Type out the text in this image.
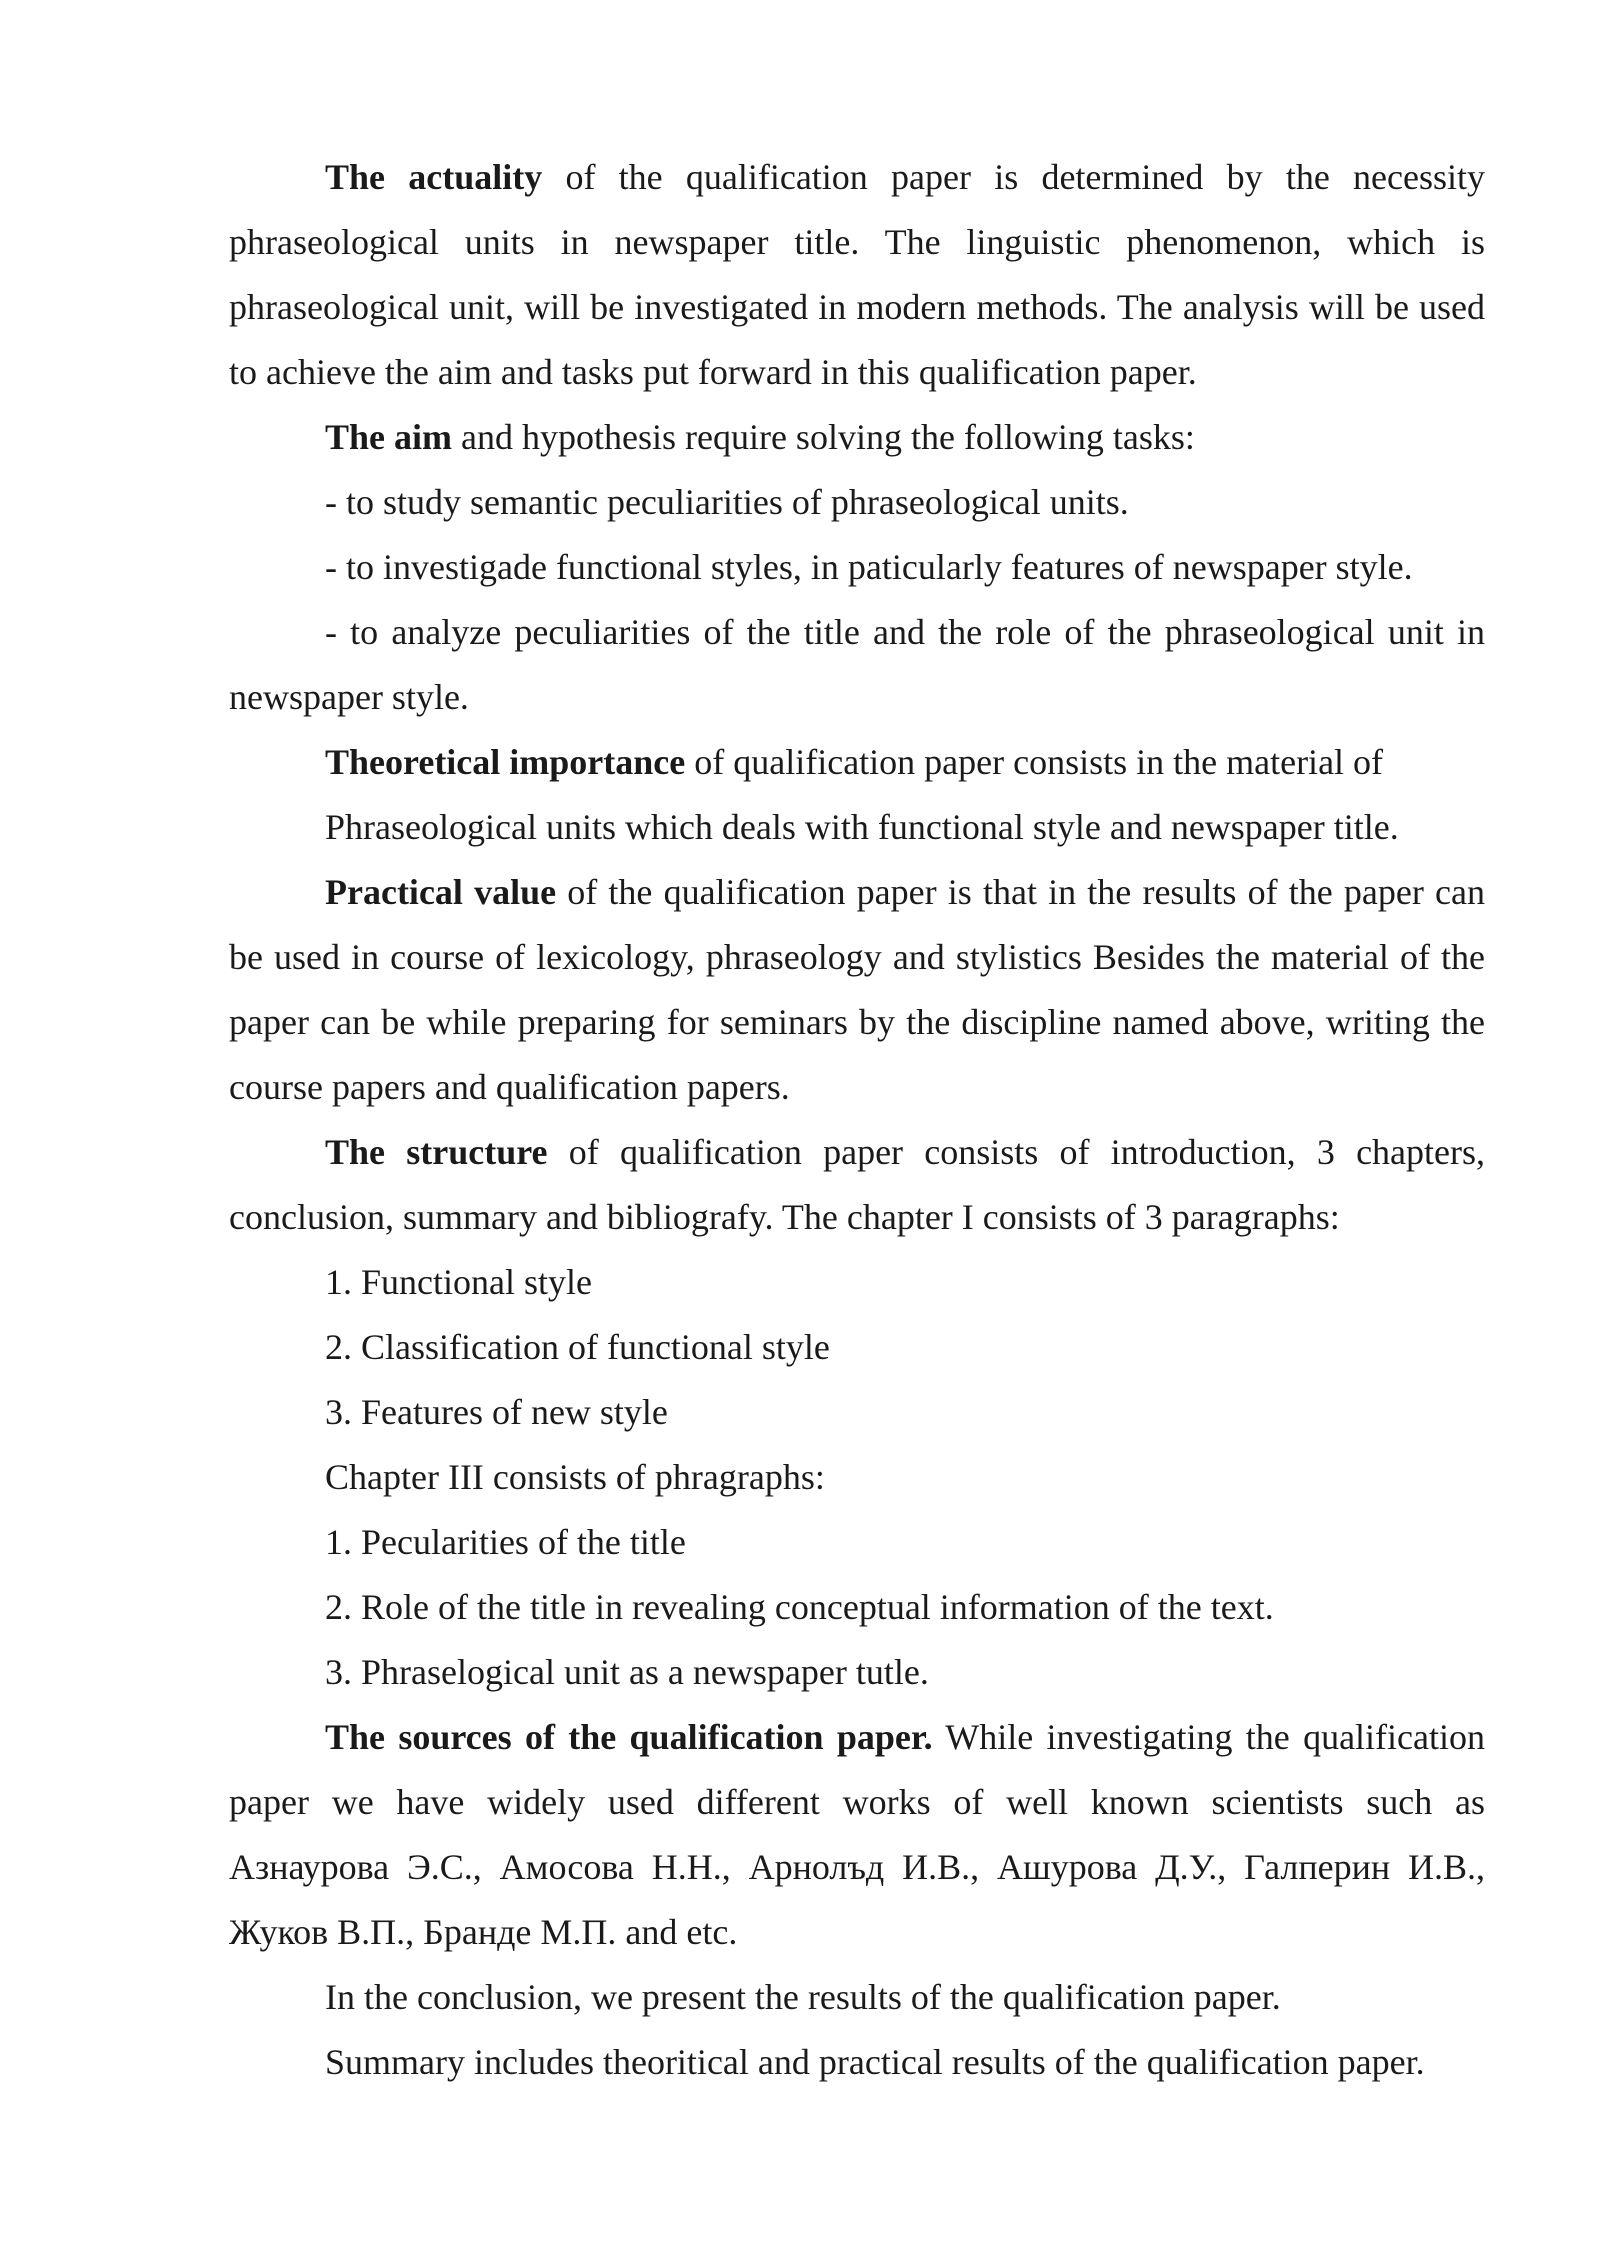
The actuality of the qualification paper is determined by the necessity phraseological units in newspaper title. The linguistic phenomenon, which is phraseological unit, will be investigated in modern methods. The analysis will be used to achieve the aim and tasks put forward in this qualification paper.

The aim and hypothesis require solving the following tasks:

- to study semantic peculiarities of phraseological units.

- to investigade functional styles, in paticularly features of newspaper style.

- to analyze peculiarities of the title and the role of the phraseological unit in newspaper style.

Theoretical importance of qualification paper consists in the material of

Phraseological units which deals with functional style and newspaper title.

Practical value of the qualification paper is that in the results of the paper can be used in course of lexicology, phraseology and stylistics Besides the material of the paper can be while preparing for seminars by the discipline named above, writing the course papers and qualification papers.

The structure of qualification paper consists of introduction, 3 chapters, conclusion, summary and bibliografy. The chapter I consists of 3 paragraphs:

1. Functional style

2. Classification of functional style

3. Features of new style

Chapter III consists of phragraphs:

1. Pecularities of the title

2. Role of the title in revealing conceptual information of the text.

3. Phraselogical unit as a newspaper tutle.

The sources of the qualification paper. While investigating the qualification paper we have widely used different works of well known scientists such as Азнаурова Э.С., Амосова Н.Н., Арнолъд И.В., Ашурова Д.У., Галперин И.В., Жуков В.П., Бранде М.П. and etc.

In the conclusion, we present the results of the qualification paper.

Summary includes theoritical and practical results of the qualification paper.
